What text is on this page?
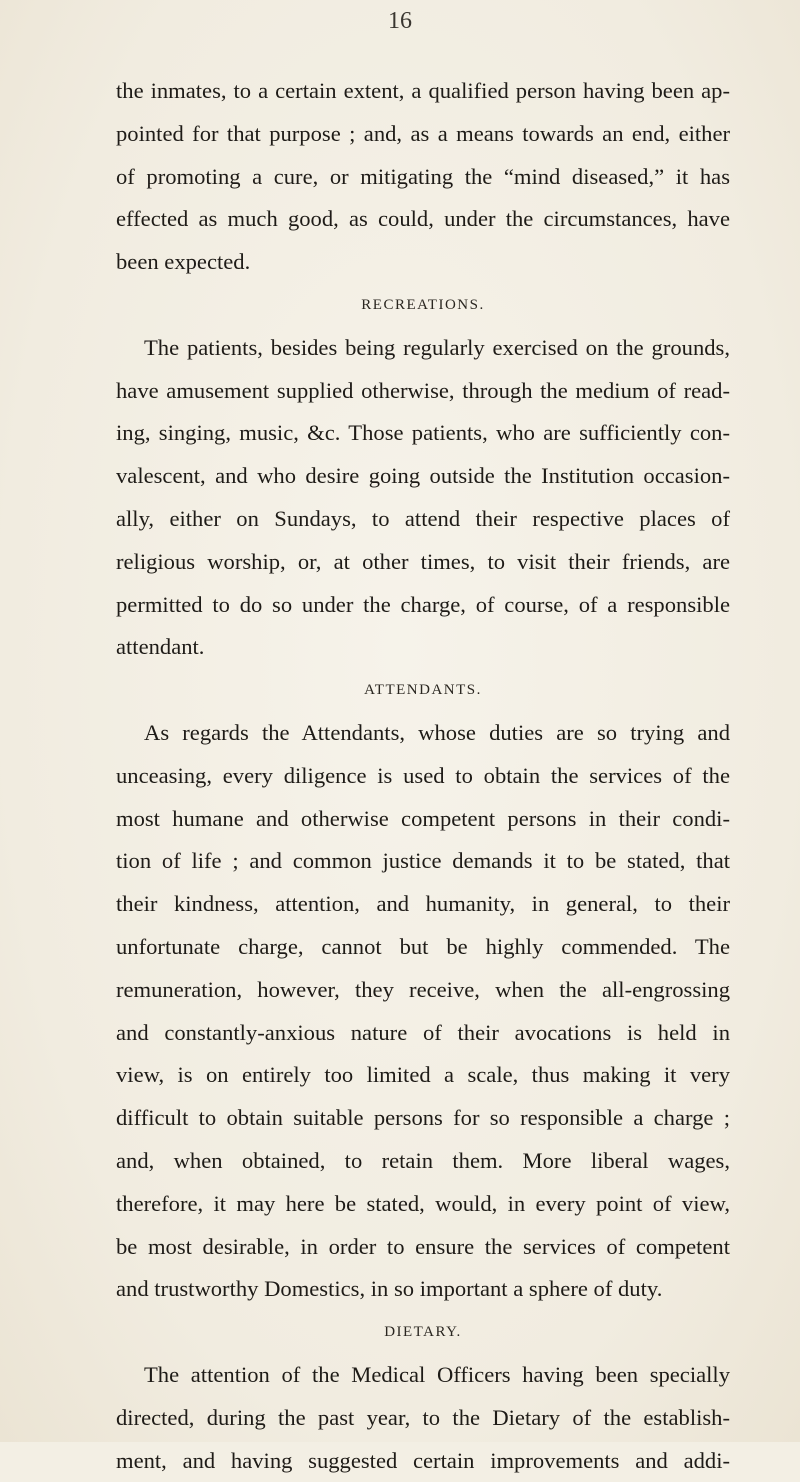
16
the inmates, to a certain extent, a qualified person having been ap-
pointed for that purpose ; and, as a means towards an end, either
of promoting a cure, or mitigating the “mind diseased,” it has
effected as much good, as could, under the circumstances, have
been expected.
RECREATIONS.
The patients, besides being regularly exercised on the grounds,
have amusement supplied otherwise, through the medium of read-
ing, singing, music, &c. Those patients, who are sufficiently con-
valescent, and who desire going outside the Institution occasion-
ally, either on Sundays, to attend their respective places of
religious worship, or, at other times, to visit their friends, are
permitted to do so under the charge, of course, of a responsible
attendant.
ATTENDANTS.
As regards the Attendants, whose duties are so trying and
unceasing, every diligence is used to obtain the services of the
most humane and otherwise competent persons in their condi-
tion of life ; and common justice demands it to be stated, that
their kindness, attention, and humanity, in general, to their
unfortunate charge, cannot but be highly commended. The
remuneration, however, they receive, when the all-engrossing
and constantly-anxious nature of their avocations is held in
view, is on entirely too limited a scale, thus making it very
difficult to obtain suitable persons for so responsible a charge ;
and, when obtained, to retain them. More liberal wages,
therefore, it may here be stated, would, in every point of view,
be most desirable, in order to ensure the services of competent
and trustworthy Domestics, in so important a sphere of duty.
DIETARY.
The attention of the Medical Officers having been specially
directed, during the past year, to the Dietary of the establish-
ment, and having suggested certain improvements and addi-
